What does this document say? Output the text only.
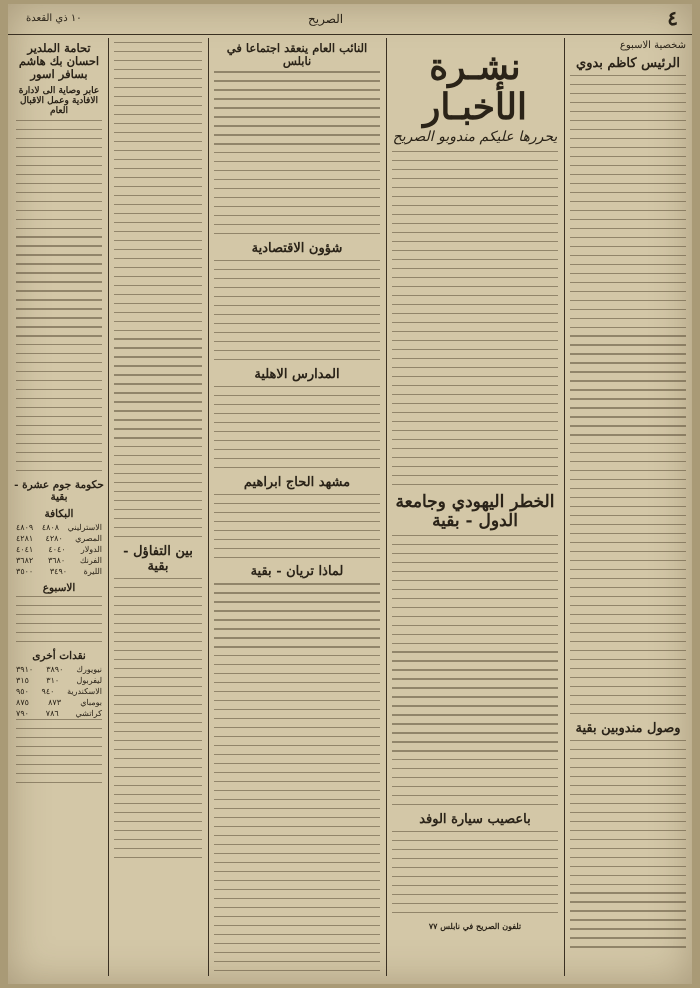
٤
الصريح
١٠ ذي القعدة
شخصية الاسبوع
الرئيس كاظم بدوي
وصول مندوبين بقية
نشـرة الأخبـار
يحررها عليكم مندوبو الصريح
الخطر اليهودي وجامعة الدول - بقية
باعصيب سيارة الوفد
تلفون الصريح في نابلس ٧٧
النائب العام ينعقد اجتماعا في نابلس
شؤون الاقتصادية
المدارس الاهلية
مشهد الحاج ابراهيم
لماذا تريان - بقية
بين التفاؤل - بقية
تحامة الملدير احسان بك هاشم بسافر اسور
عابر وصاية الى لادارة الافادية وعمل الاقبال العام
حكومة جوم عشرة - بقية
البكافة
الاسترليني
٤٨٠٨
٤٨٠٩
المصري
٤٢٨٠
٤٢٨١
الدولار
٤٠٤٠
٤٠٤١
الفرنك
٣٦٨٠
٣٦٨٢
الليرة
٣٤٩٠
٣٥٠٠
الاسبوع
نقدات أخرى
نيويورك
٣٨٩٠
٣٩١٠
ليفربول
٣١٠
٣١٥
الاسكندرية
٩٤٠
٩٥٠
بومباي
٨٧٣
٨٧٥
كراتشي
٧٨٦
٧٩٠
